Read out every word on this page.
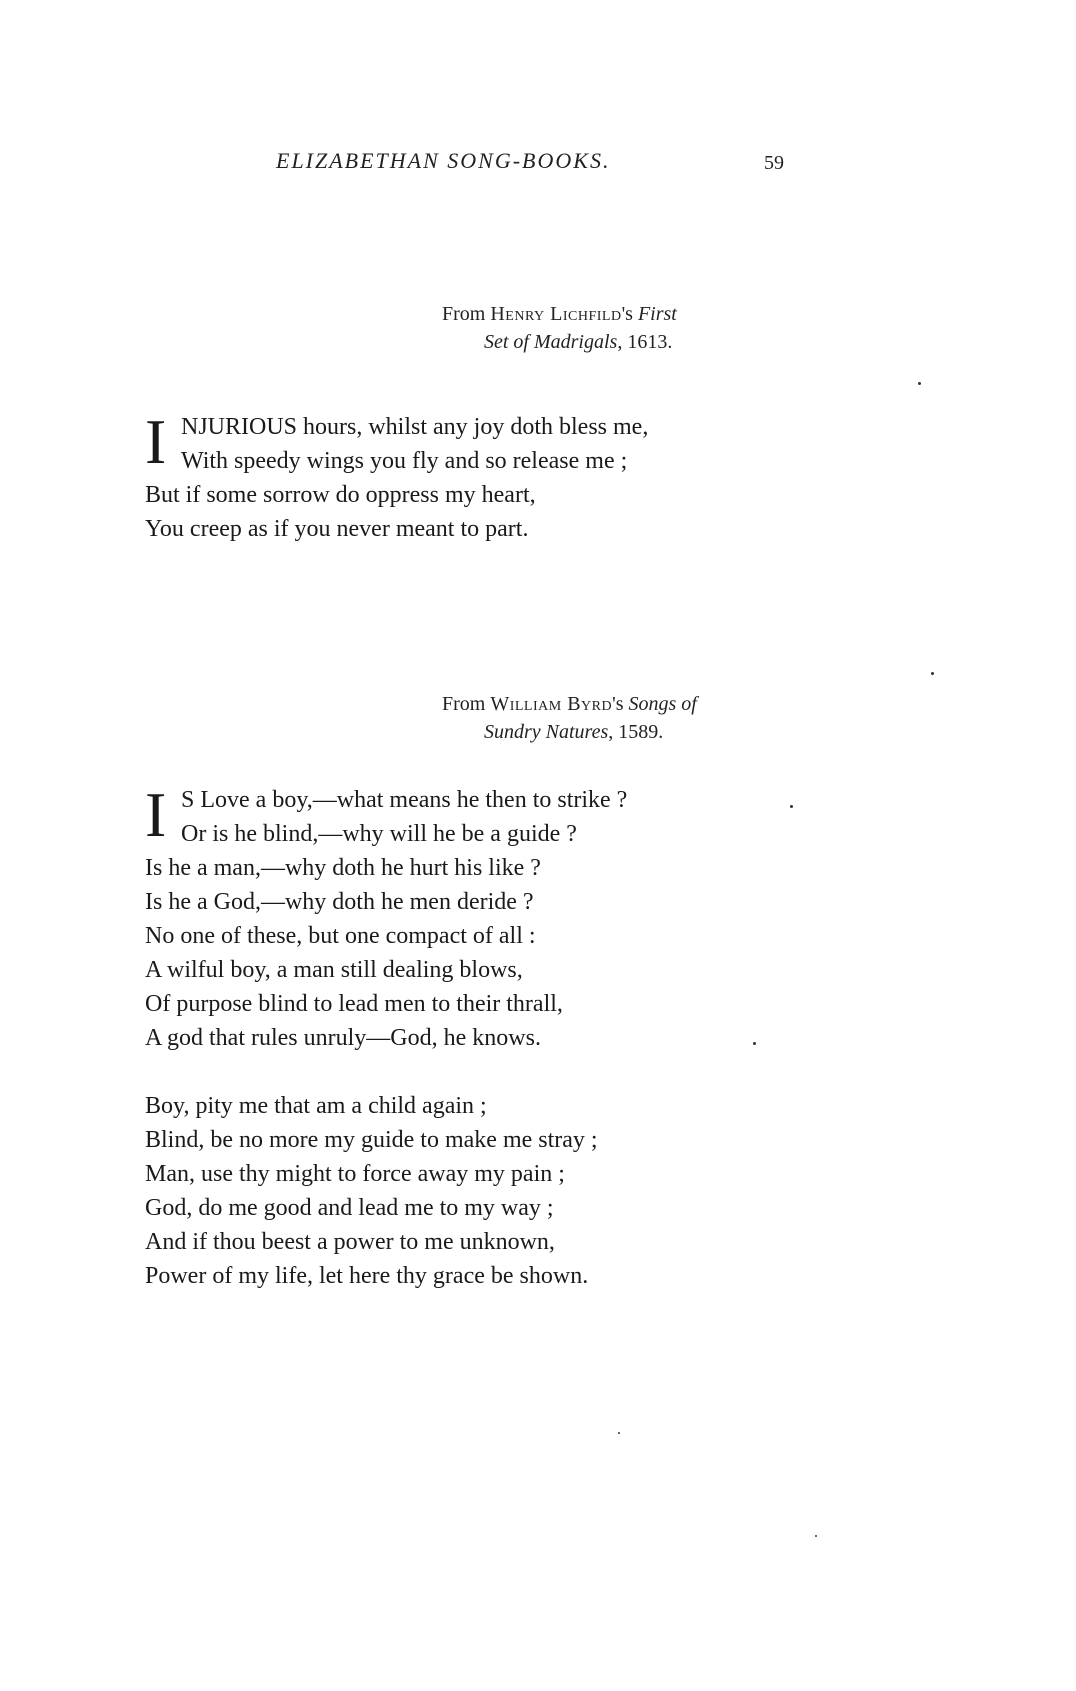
ELIZABETHAN SONG-BOOKS.	59
From Henry Lichfild's First
Set of Madrigals, 1613.
I NJURIOUS hours, whilst any joy doth bless me,
With speedy wings you fly and so release me ;
But if some sorrow do oppress my heart,
You creep as if you never meant to part.
From William Byrd's Songs of
Sundry Natures, 1589.
I S Love a boy,—what means he then to strike ?
Or is he blind,—why will he be a guide ?
Is he a man,—why doth he hurt his like ?
Is he a God,—why doth he men deride ?
No one of these, but one compact of all :
A wilful boy, a man still dealing blows,
Of purpose blind to lead men to their thrall,
A god that rules unruly—God, he knows.
Boy, pity me that am a child again ;
Blind, be no more my guide to make me stray ;
Man, use thy might to force away my pain ;
God, do me good and lead me to my way ;
And if thou beest a power to me unknown,
Power of my life, let here thy grace be shown.
